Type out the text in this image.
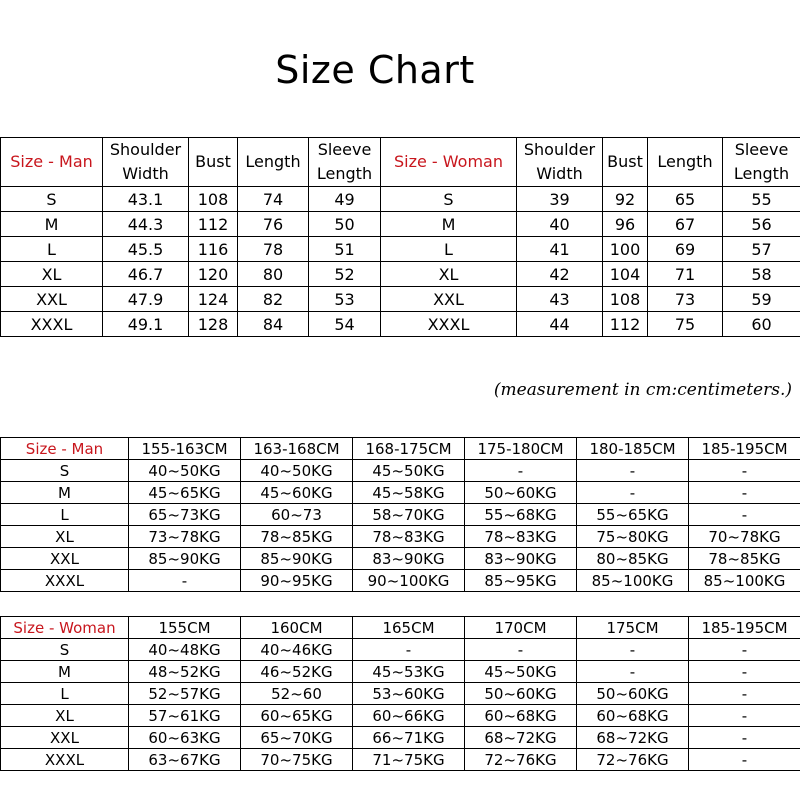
Size Chart
Size - Man	Shoulder Width	Bust	Length	Sleeve Length	Size - Woman	Shoulder Width	Bust	Length	Sleeve Length
S	43.1	108	74	49	S	39	92	65	55
M	44.3	112	76	50	M	40	96	67	56
L	45.5	116	78	51	L	41	100	69	57
XL	46.7	120	80	52	XL	42	104	71	58
XXL	47.9	124	82	53	XXL	43	108	73	59
XXXL	49.1	128	84	54	XXXL	44	112	75	60
(measurement in cm:centimeters.)
Size - Man	155-163CM	163-168CM	168-175CM	175-180CM	180-185CM	185-195CM
S	40~50KG	40~50KG	45~50KG	-	-	-
M	45~65KG	45~60KG	45~58KG	50~60KG	-	-
L	65~73KG	60~73	58~70KG	55~68KG	55~65KG	-
XL	73~78KG	78~85KG	78~83KG	78~83KG	75~80KG	70~78KG
XXL	85~90KG	85~90KG	83~90KG	83~90KG	80~85KG	78~85KG
XXXL	-	90~95KG	90~100KG	85~95KG	85~100KG	85~100KG
Size - Woman	155CM	160CM	165CM	170CM	175CM	185-195CM
S	40~48KG	40~46KG	-	-	-	-
M	48~52KG	46~52KG	45~53KG	45~50KG	-	-
L	52~57KG	52~60	53~60KG	50~60KG	50~60KG	-
XL	57~61KG	60~65KG	60~66KG	60~68KG	60~68KG	-
XXL	60~63KG	65~70KG	66~71KG	68~72KG	68~72KG	-
XXXL	63~67KG	70~75KG	71~75KG	72~76KG	72~76KG	-
